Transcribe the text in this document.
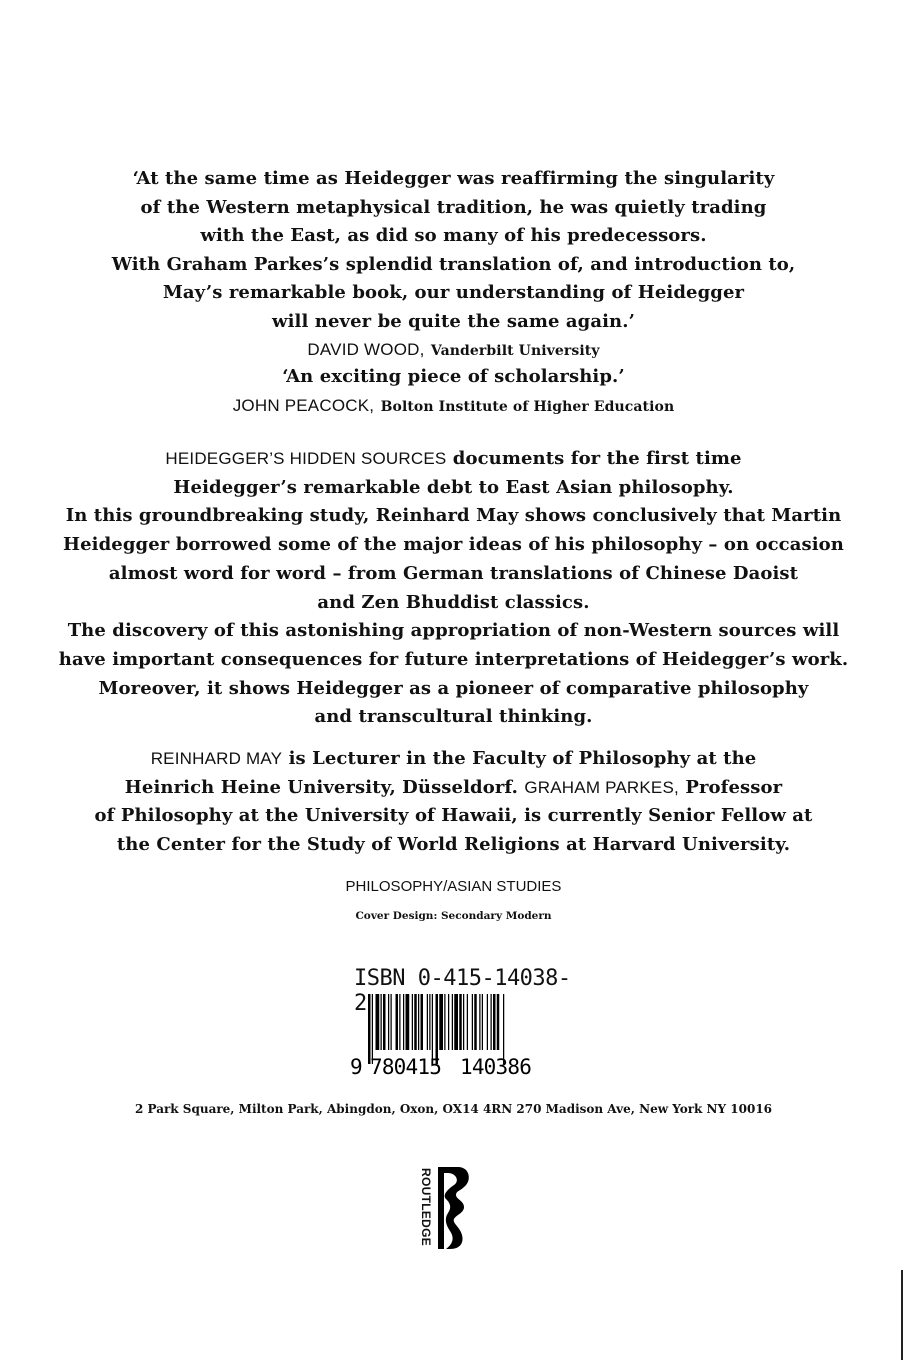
‘At the same time as Heidegger was reaffirming the singularity
of the Western metaphysical tradition, he was quietly trading
with the East, as did so many of his predecessors.
With Graham Parkes’s splendid translation of, and introduction to,
May’s remarkable book, our understanding of Heidegger
will never be quite the same again.’
DAVID WOOD, Vanderbilt University
‘An exciting piece of scholarship.’
JOHN PEACOCK, Bolton Institute of Higher Education
HEIDEGGER’S HIDDEN SOURCES documents for the first time
Heidegger’s remarkable debt to East Asian philosophy.
In this groundbreaking study, Reinhard May shows conclusively that Martin
Heidegger borrowed some of the major ideas of his philosophy – on occasion
almost word for word – from German translations of Chinese Daoist
and Zen Bhuddist classics.
The discovery of this astonishing appropriation of non-Western sources will
have important consequences for future interpretations of Heidegger’s work.
Moreover, it shows Heidegger as a pioneer of comparative philosophy
and transcultural thinking.
REINHARD MAY is Lecturer in the Faculty of Philosophy at the
Heinrich Heine University, Düsseldorf. GRAHAM PARKES, Professor
of Philosophy at the University of Hawaii, is currently Senior Fellow at
the Center for the Study of World Religions at Harvard University.
PHILOSOPHY/ASIAN STUDIES
Cover Design: Secondary Modern
ISBN 0-415-14038-2
9 780415 140386
2 Park Square, Milton Park, Abingdon, Oxon, OX14 4RN 270 Madison Ave, New York NY 10016
ROUTLEDGE
